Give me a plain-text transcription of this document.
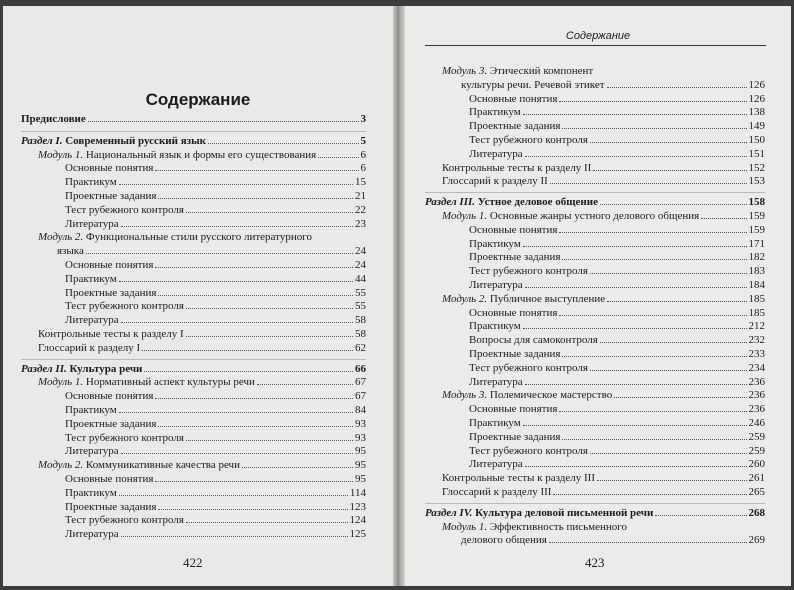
Содержание
Предисловие	3
Раздел I. Современный русский язык	5
Модуль 1. Национальный язык и формы его существования	6
Основные понятия	6
Практикум	15
Проектные задания	21
Тест рубежного контроля	22
Литература	23
Модуль 2. Функциональные стили русского литературного
языка	24
Основные понятия	24
Практикум	44
Проектные задания	55
Тест рубежного контроля	55
Литература	58
Контрольные тесты к разделу I	58
Глоссарий к разделу I	62
Раздел II. Культура речи	66
Модуль 1. Нормативный аспект культуры речи	67
Основные понятия	67
Практикум	84
Проектные задания	93
Тест рубежного контроля	93
Литература	95
Модуль 2. Коммуникативные качества речи	95
Основные понятия	95
Практикум	114
Проектные задания	123
Тест рубежного контроля	124
Литература	125
422
Содержание
Модуль 3. Этический компонент
культуры речи. Речевой этикет	126
Основные понятия	126
Практикум	138
Проектные задания	149
Тест рубежного контроля	150
Литература	151
Контрольные тесты к разделу II	152
Глоссарий к разделу II	153
Раздел III. Устное деловое общение	158
Модуль 1. Основные жанры устного делового общения	159
Основные понятия	159
Практикум	171
Проектные задания	182
Тест рубежного контроля	183
Литература	184
Модуль 2. Публичное выступление	185
Основные понятия	185
Практикум	212
Вопросы для самоконтроля	232
Проектные задания	233
Тест рубежного контроля	234
Литература	236
Модуль 3. Полемическое мастерство	236
Основные понятия	236
Практикум	246
Проектные задания	259
Тест рубежного контроля	259
Литература	260
Контрольные тесты к разделу III	261
Глоссарий к разделу III	265
Раздел IV. Культура деловой письменной речи	268
Модуль 1. Эффективность письменного
делового общения	269
423
